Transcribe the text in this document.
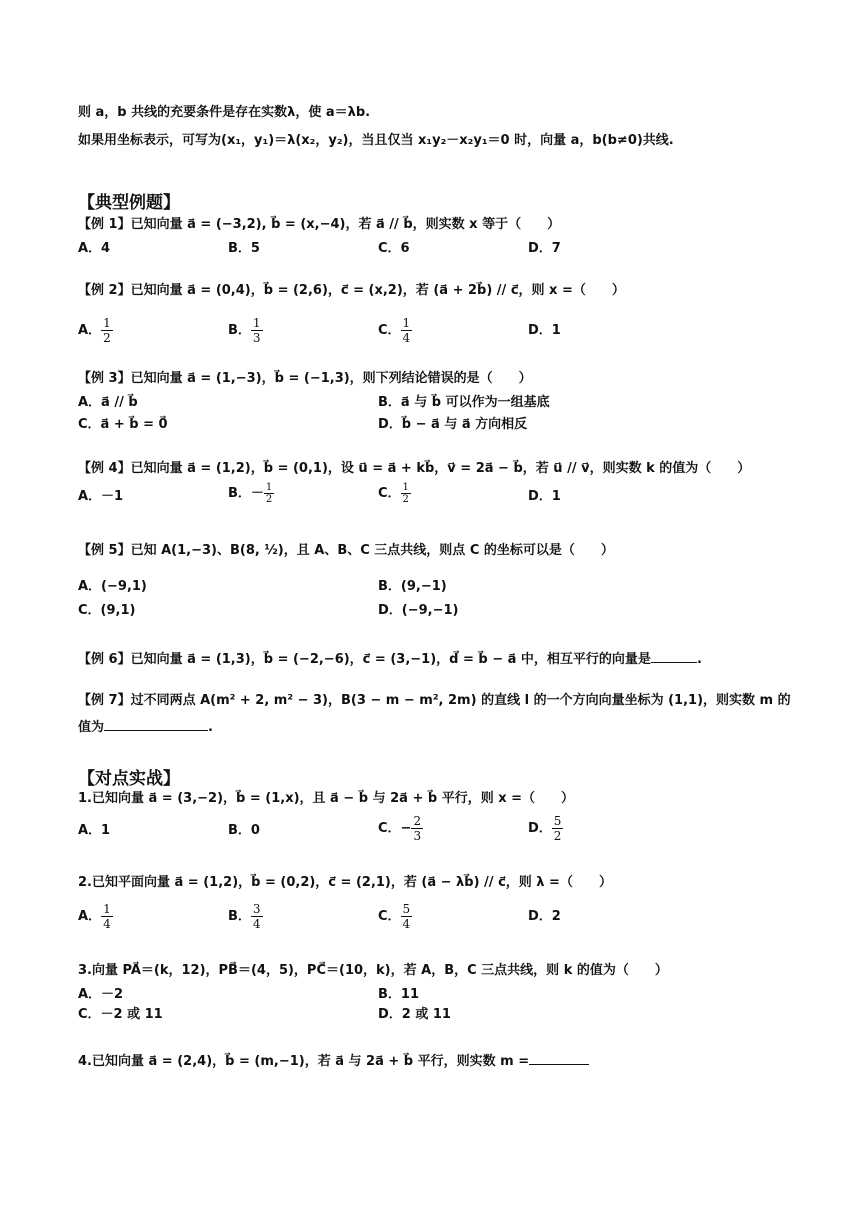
则 a，b 共线的充要条件是存在实数λ，使 a＝λb.
如果用坐标表示，可写为(x₁，y₁)＝λ(x₂，y₂)，当且仅当 x₁y₂－x₂y₁＝0 时，向量 a，b(b≠0)共线.
【典型例题】
【例 1】已知向量 a⃗ = (−3,2), b⃗ = (x,−4)，若 a⃗ // b⃗，则实数 x 等于（　　）
A．4	B．5	C．6	D．7
【例 2】已知向量 a⃗ = (0,4)，b⃗ = (2,6)，c⃗ = (x,2)，若 (a⃗ + 2b⃗) // c⃗，则 x =（　　）
A． $\frac{1}{2}$	B． $\frac{1}{3}$	C． $\frac{1}{4}$	D．1
【例 3】已知向量 a⃗ = (1,−3)，b⃗ = (−1,3)，则下列结论错误的是（　　）
A．a⃗ // b⃗	B．a⃗ 与 b⃗ 可以作为一组基底
C．a⃗ + b⃗ = 0⃗	D．b⃗ − a⃗ 与 a⃗ 方向相反
【例 4】已知向量 a⃗ = (1,2)，b⃗ = (0,1)，设 u⃗ = a⃗ + kb⃗，v⃗ = 2a⃗ − b⃗，若 u⃗ // v⃗，则实数 k 的值为（　　）
A．－1	B．－ $\frac{1}{2}$	C． $\frac{1}{2}$	D．1
【例 5】已知 A(1,−3)、B(8, ½)，且 A、B、C 三点共线，则点 C 的坐标可以是（　　）
A．(−9,1)	B．(9,−1)
C．(9,1)	D．(−9,−1)
【例 6】已知向量 a⃗ = (1,3)，b⃗ = (−2,−6)，c⃗ = (3,−1)，d⃗ = b⃗ − a⃗ 中，相互平行的向量是	.
【例 7】过不同两点 A(m² + 2, m² − 3)，B(3 − m − m², 2m) 的直线 l 的一个方向向量坐标为 (1,1)，则实数 m 的
值为	.
【对点实战】
1.已知向量 a⃗ = (3,−2)，b⃗ = (1,x)，且 a⃗ − b⃗ 与 2a⃗ + b⃗ 平行，则 x =（　　）
A．1	B．0	C．− $\frac{2}{3}$	D． $\frac{5}{2}$
2.已知平面向量 a⃗ = (1,2)，b⃗ = (0,2)，c⃗ = (2,1)，若 (a⃗ − λb⃗) // c⃗，则 λ =（　　）
A． $\frac{1}{4}$	B． $\frac{3}{4}$	C． $\frac{5}{4}$	D．2
3.向量 PA⃗＝(k，12)，PB⃗＝(4，5)，PC⃗＝(10，k)，若 A，B，C 三点共线，则 k 的值为（　　）
A．－2	B．11
C．－2 或 11	D．2 或 11
4.已知向量 a⃗ = (2,4)，b⃗ = (m,−1)，若 a⃗ 与 2a⃗ + b⃗ 平行，则实数 m =
